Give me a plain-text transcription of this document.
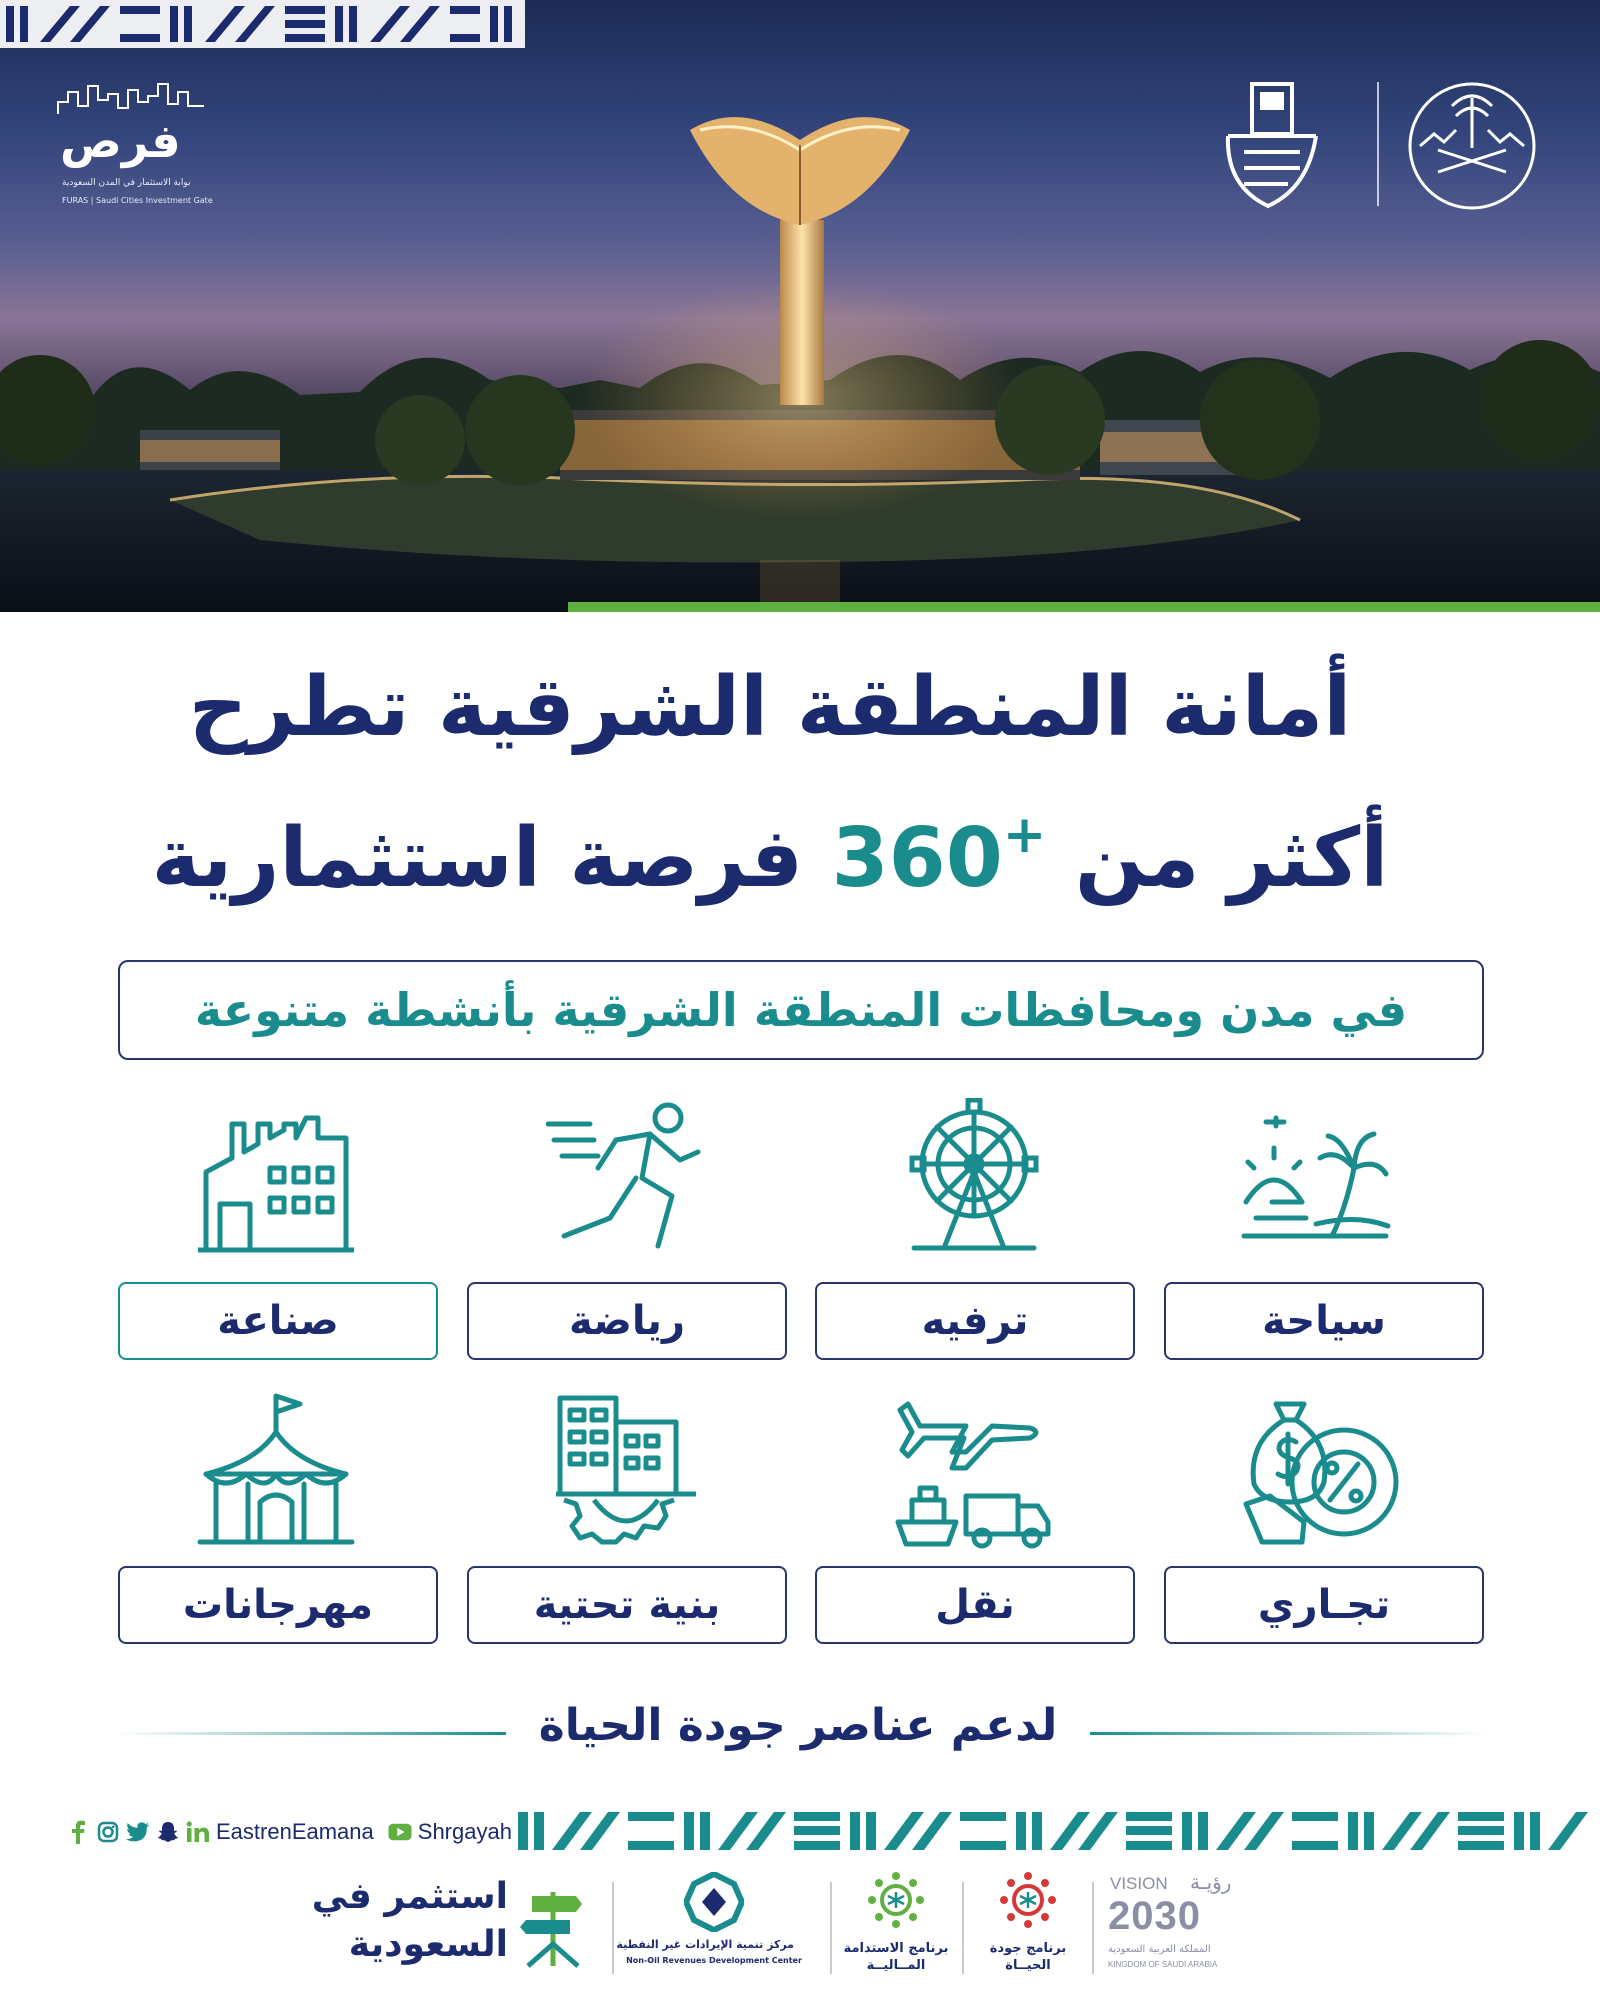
فرص
بوابة الاستثمار في المدن السعودية
FURAS | Saudi Cities Investment Gate
أمانة المنطقة الشرقية تطرح
أكثر من +360 فرصة استثمارية
في مدن ومحافظات المنطقة الشرقية بأنشطة متنوعة
سياحة
ترفيه
رياضة
صناعة
تجـاري
نقل
بنية تحتية
مهرجانات
لدعم عناصر جودة الحياة
EastrenEamana Shrgayah
استثمر في
السعودية	مركز تنمية الإيرادات غير النفطية
Non-Oil Revenues Development Center
برنامج الاستدامة المــاليــة
برنامج جودة الحيــاة
VISION رؤيـة
2030
المملكة العربية السعودية
KINGDOM OF SAUDI ARABIA
